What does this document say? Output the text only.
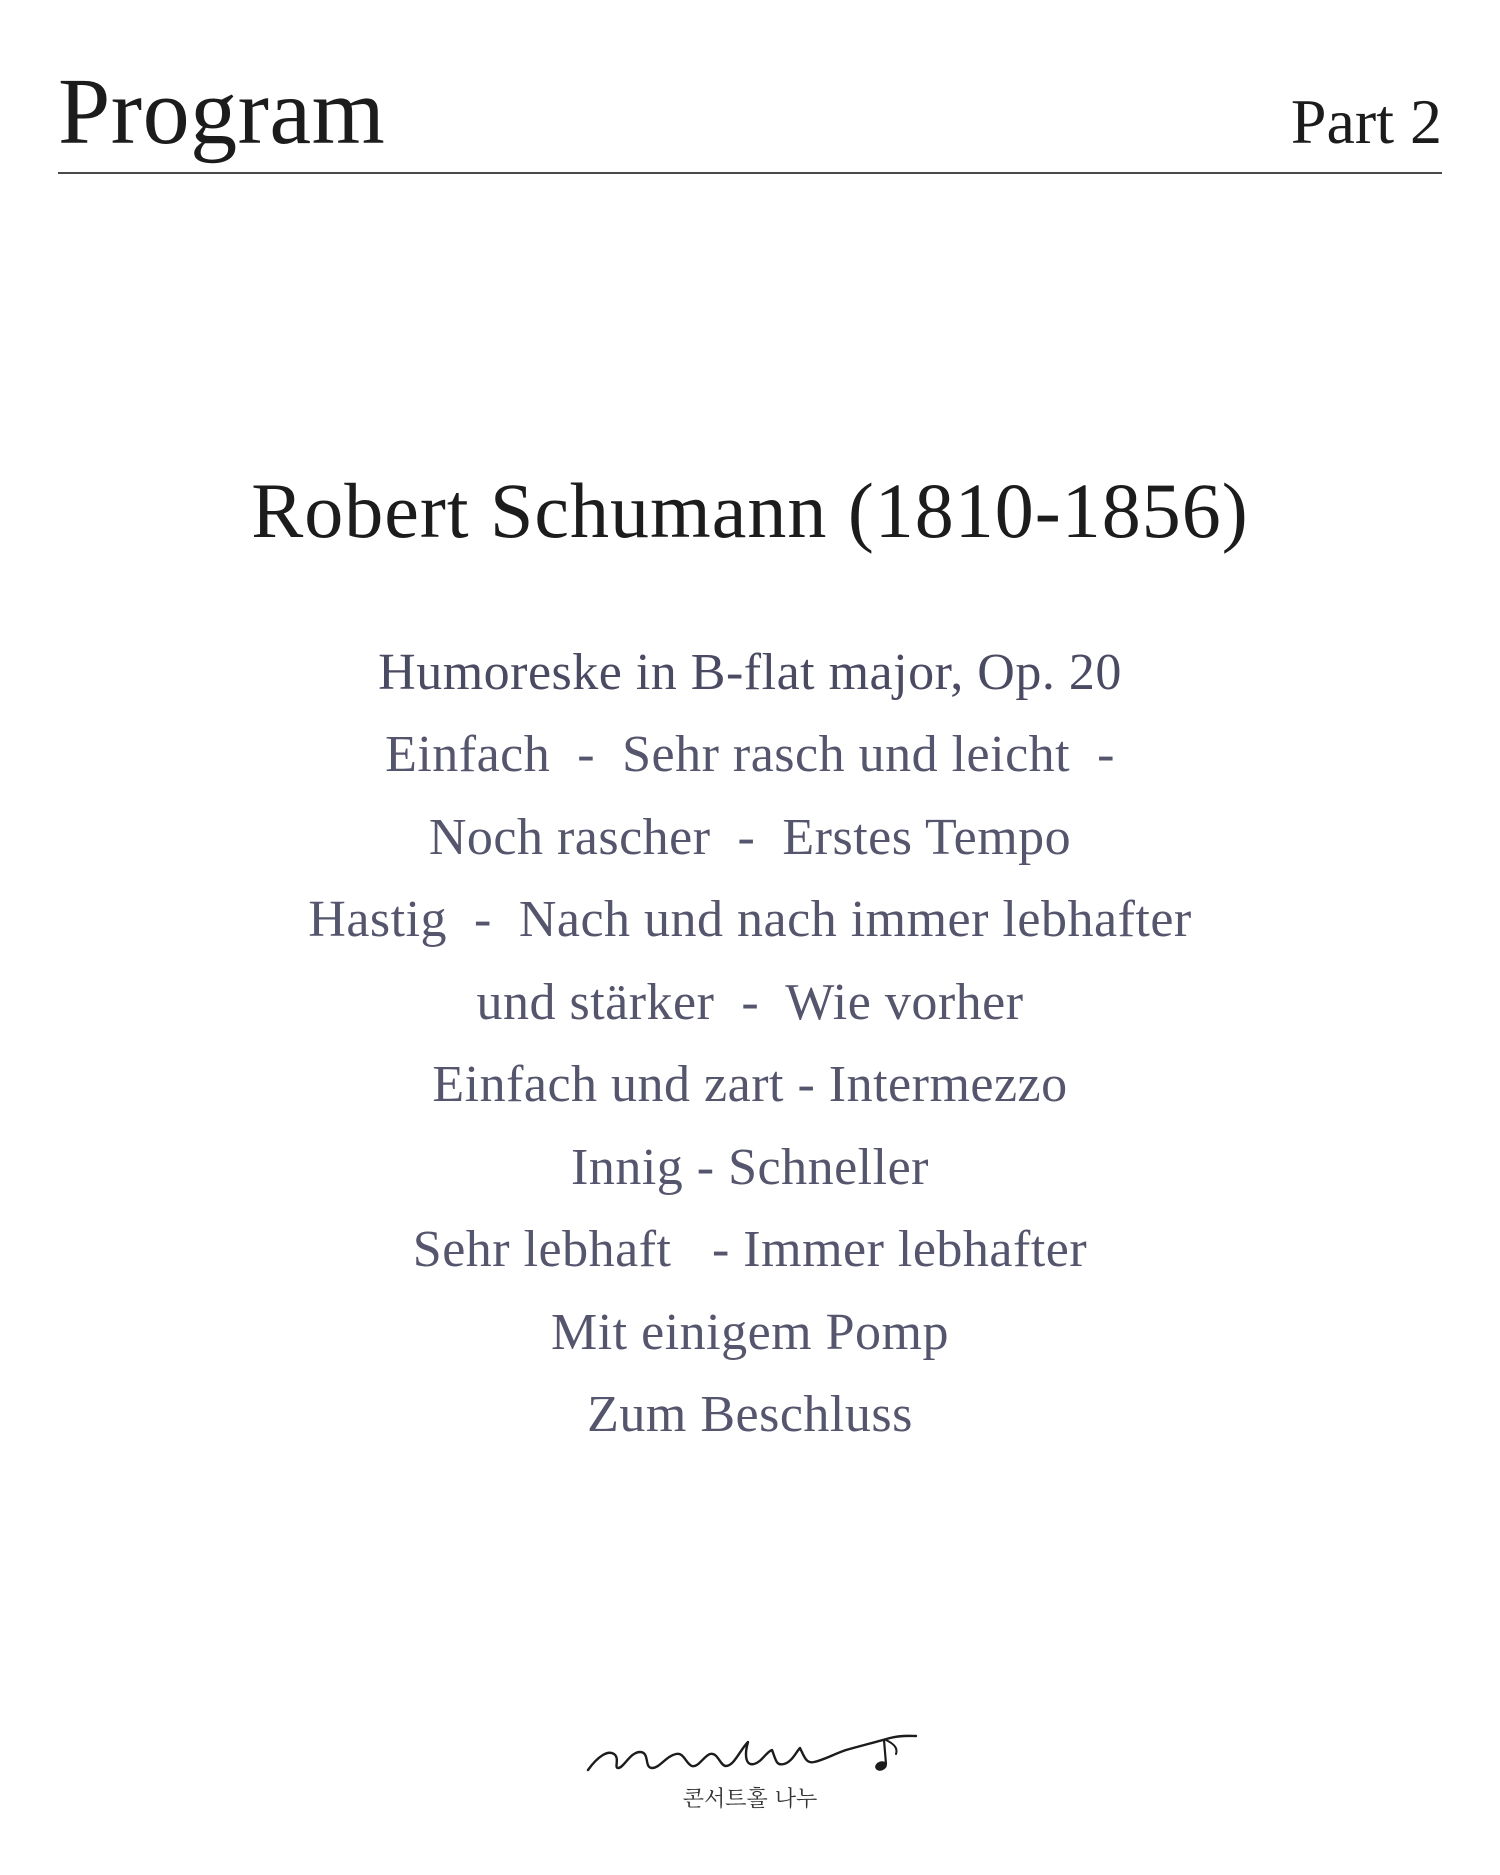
Program	Part 2
Robert Schumann (1810-1856)
Humoreske in B-flat major, Op. 20
Einfach  -  Sehr rasch und leicht  -
Noch rascher  -  Erstes Tempo
Hastig  -  Nach und nach immer lebhafter
und stärker  -  Wie vorher
Einfach und zart - Intermezzo
Innig - Schneller
Sehr lebhaft   - Immer lebhafter
Mit einigem Pomp
Zum Beschluss
콘서트홀 나누
